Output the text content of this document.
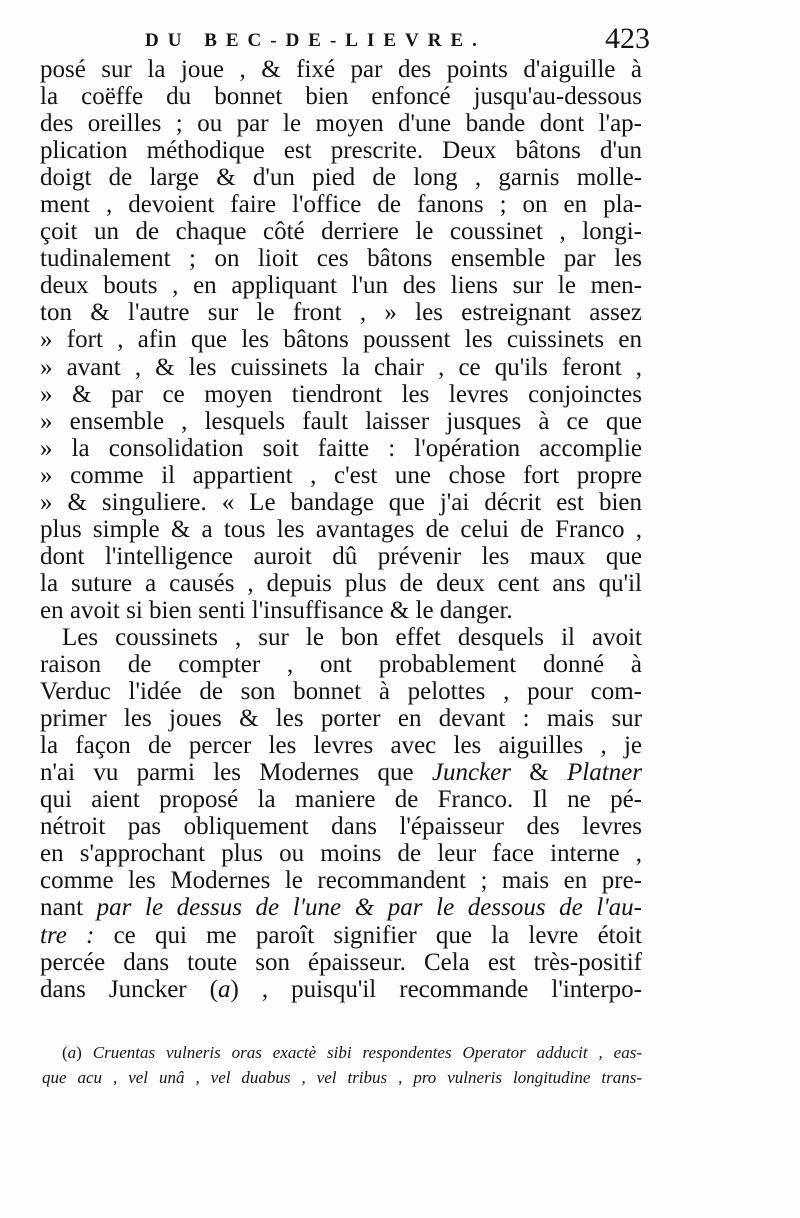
DU BEC-DE-LIEVRE.	423
posé sur la joue , & fixé par des points d'aiguille à
la coëffe du bonnet bien enfoncé jusqu'au-dessous
des oreilles ; ou par le moyen d'une bande dont l'ap-
plication méthodique est prescrite. Deux bâtons d'un
doigt de large & d'un pied de long , garnis molle-
ment , devoient faire l'office de fanons ; on en pla-
çoit un de chaque côté derriere le coussinet , longi-
tudinalement ; on lioit ces bâtons ensemble par les
deux bouts , en appliquant l'un des liens sur le men-
ton & l'autre sur le front , » les estreignant assez
» fort , afin que les bâtons poussent les cuissinets en
» avant , & les cuissinets la chair , ce qu'ils feront ,
» & par ce moyen tiendront les levres conjoinctes
» ensemble , lesquels fault laisser jusques à ce que
» la consolidation soit faitte : l'opération accomplie
» comme il appartient , c'est une chose fort propre
» & singuliere. « Le bandage que j'ai décrit est bien
plus simple & a tous les avantages de celui de Franco ,
dont l'intelligence auroit dû prévenir les maux que
la suture a causés , depuis plus de deux cent ans qu'il
en avoit si bien senti l'insuffisance & le danger.
Les coussinets , sur le bon effet desquels il avoit
raison de compter , ont probablement donné à
Verduc l'idée de son bonnet à pelottes , pour com-
primer les joues & les porter en devant : mais sur
la façon de percer les levres avec les aiguilles , je
n'ai vu parmi les Modernes que Juncker & Platner
qui aient proposé la maniere de Franco. Il ne pé-
nétroit pas obliquement dans l'épaisseur des levres
en s'approchant plus ou moins de leur face interne ,
comme les Modernes le recommandent ; mais en pre-
nant par le dessus de l'une & par le dessous de l'au-
tre : ce qui me paroît signifier que la levre étoit
percée dans toute son épaisseur. Cela est très-positif
dans Juncker (a) , puisqu'il recommande l'interpo-
(a) Cruentas vulneris oras exactè sibi respondentes Operator adducit , eas-
que acu , vel unâ , vel duabus , vel tribus , pro vulneris longitudine trans-
